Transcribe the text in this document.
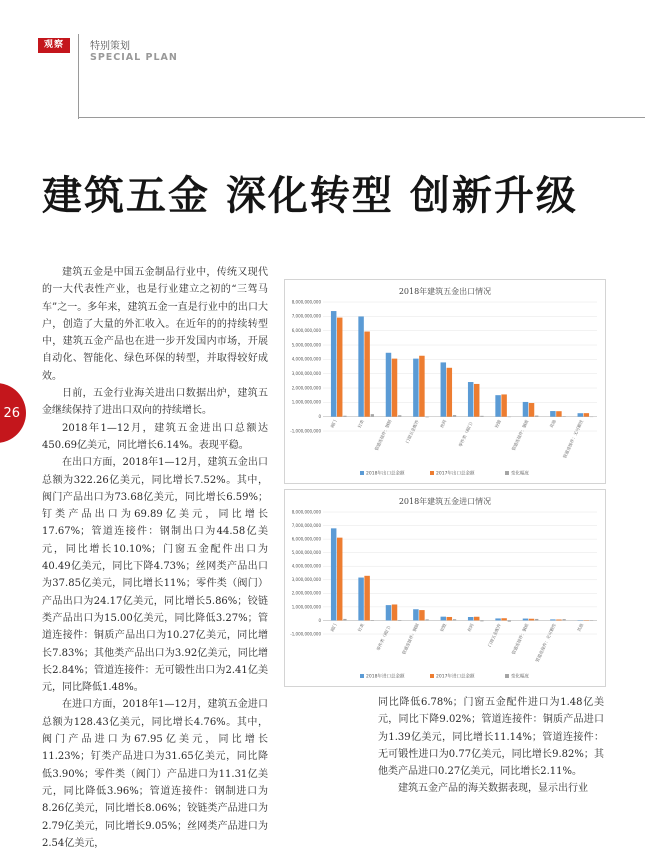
观察	特别策划
SPECIAL PLAN
建筑五金 深化转型 创新升级
26

建筑五金是中国五金制品行业中，传统又现代的一大代表性产业，也是行业建立之初的“三驾马车”之一。多年来，建筑五金一直是行业中的出口大户，创造了大量的外汇收入。在近年的的持续转型中，建筑五金产品也在进一步开发国内市场，开展自动化、智能化、绿色环保的转型，并取得较好成效。

日前，五金行业海关进出口数据出炉，建筑五金继续保持了进出口双向的持续增长。

2018年1—12月，建筑五金进出口总额达450.69亿美元，同比增长6.14%。表现平稳。

在出口方面，2018年1—12月，建筑五金出口总额为322.26亿美元，同比增长7.52%。其中，阀门产品出口为73.68亿美元，同比增长6.59%；钉类产品出口为69.89亿美元，同比增长17.67%；管道连接件：钢制出口为44.58亿美元，同比增长10.10%；门窗五金配件出口为40.49亿美元，同比下降4.73%；丝网类产品出口为37.85亿美元，同比增长11%；零件类（阀门）产品出口为24.17亿美元，同比增长5.86%；铰链类产品出口为15.00亿美元，同比降低3.27%；管道连接件：铜质产品出口为10.27亿美元，同比增长7.83%；其他类产品出口为3.92亿美元，同比增长2.84%；管道连接件：无可锻性出口为2.41亿美元，同比降低1.48%。

在进口方面，2018年1—12月，建筑五金进口总额为128.43亿美元，同比增长4.76%。其中，阀门产品进口为67.95亿美元，同比增长11.23%；钉类产品进口为31.65亿美元，同比降低3.90%；零件类（阀门）产品进口为11.31亿美元，同比降低3.96%；管道连接件：钢制进口为8.26亿美元，同比增长8.06%；铰链类产品进口为2.79亿美元，同比增长9.05%；丝网类产品进口为2.54亿美元，

同比降低6.78%；门窗五金配件进口为1.48亿美元，同比下降9.02%；管道连接件：铜质产品进口为1.39亿美元，同比增长11.14%；管道连接件：无可锻性进口为0.77亿美元，同比增长9.82%；其他类产品进口0.27亿美元，同比增长2.11%。

建筑五金产品的海关数据表现，显示出行业

2018年建筑五金出口情况
8,000,000,000
7,000,000,000
6,000,000,000
5,000,000,000
4,000,000,000
3,000,000,000
2,000,000,000
1,000,000,000
0
-1,000,000,000
阀门	钉类 管道连接件：钢制	门窗五金配件	丝网 零件类（阀门）	铰链 管道连接件：铜质	其他 管道连接件：无可锻性
2018年出口总金额	2017年出口总金额	变化幅度
2018年建筑五金进口情况
8,000,000,000
7,000,000,000
6,000,000,000
5,000,000,000
4,000,000,000
3,000,000,000
2,000,000,000
1,000,000,000
0
-1,000,000,000
阀门	钉类 零件类（阀门） 管道连接件：钢制	铰链	丝网	门窗五金配件 管道连接件：铜质 管道连接件：无可锻性	其他
2018年进口总金额	2017年进口总金额	变化幅度
